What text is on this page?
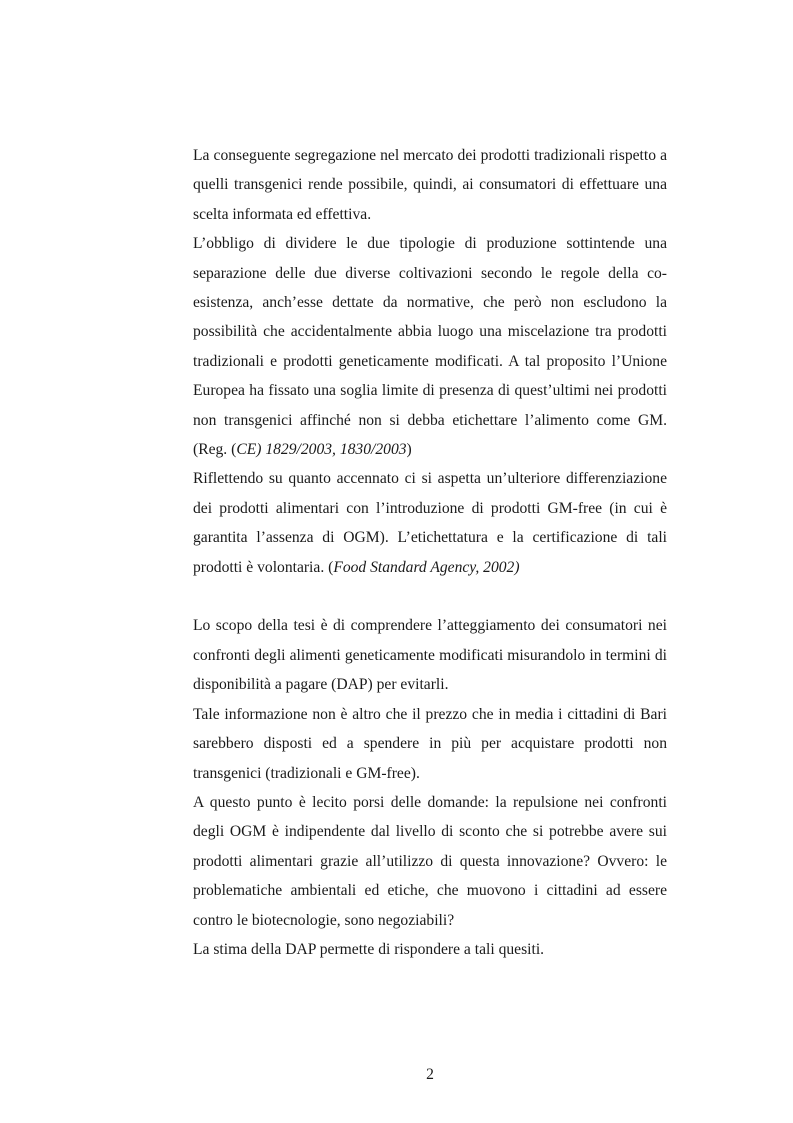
La conseguente segregazione nel mercato dei prodotti tradizionali rispetto a quelli transgenici rende possibile, quindi, ai consumatori di effettuare una scelta informata ed effettiva.

L’obbligo di dividere le due tipologie di produzione sottintende una separazione delle due diverse coltivazioni secondo le regole della co-esistenza, anch’esse dettate da normative, che però non escludono la possibilità che accidentalmente abbia luogo una miscelazione tra prodotti tradizionali e prodotti geneticamente modificati. A tal proposito l’Unione Europea ha fissato una soglia limite di presenza di quest’ultimi nei prodotti non transgenici affinché non si debba etichettare l’alimento come GM. (Reg. (CE) 1829/2003, 1830/2003)

Riflettendo su quanto accennato ci si aspetta un’ulteriore differenziazione dei prodotti alimentari con l’introduzione di prodotti GM-free (in cui è garantita l’assenza di OGM). L’etichettatura e la certificazione di tali prodotti è volontaria. (Food Standard Agency, 2002)

Lo scopo della tesi è di comprendere l’atteggiamento dei consumatori nei confronti degli alimenti geneticamente modificati misurandolo in termini di disponibilità a pagare (DAP) per evitarli.

Tale informazione non è altro che il prezzo che in media i cittadini di Bari sarebbero disposti ed a spendere in più per acquistare prodotti non transgenici (tradizionali e GM-free).

A questo punto è lecito porsi delle domande: la repulsione nei confronti degli OGM è indipendente dal livello di sconto che si potrebbe avere sui prodotti alimentari grazie all’utilizzo di questa innovazione? Ovvero: le problematiche ambientali ed etiche, che muovono i cittadini ad essere contro le biotecnologie, sono negoziabili?

La stima della DAP permette di rispondere a tali quesiti.

2
